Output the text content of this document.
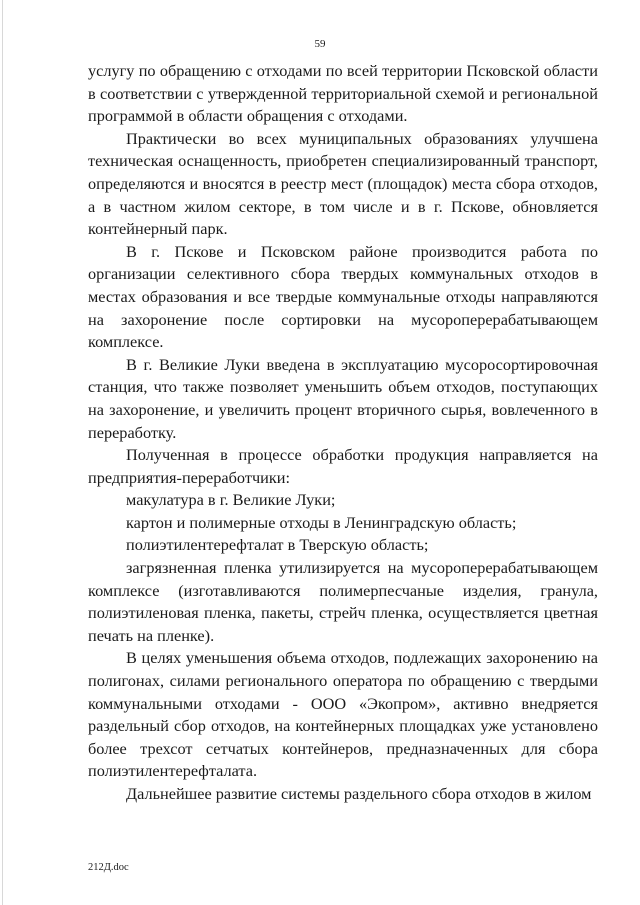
59

услугу по обращению с отходами по всей территории Псковской области в соответствии с утвержденной территориальной схемой и региональной программой в области обращения с отходами.

Практически во всех муниципальных образованиях улучшена техническая оснащенность, приобретен специализированный транспорт, определяются и вносятся в реестр мест (площадок) места сбора отходов, а в частном жилом секторе, в том числе и в г. Пскове, обновляется контейнерный парк.

В г. Пскове и Псковском районе производится работа по организации селективного сбора твердых коммунальных отходов в местах образования и все твердые коммунальные отходы направляются на захоронение после сортировки на мусороперерабатывающем комплексе.

В г. Великие Луки введена в эксплуатацию мусоросортировочная станция, что также позволяет уменьшить объем отходов, поступающих на захоронение, и увеличить процент вторичного сырья, вовлеченного в переработку.

Полученная в процессе обработки продукция направляется на предприятия-переработчики:

макулатура в г. Великие Луки;

картон и полимерные отходы в Ленинградскую область;

полиэтилентерефталат в Тверскую область;

загрязненная пленка утилизируется на мусороперерабатывающем комплексе (изготавливаются полимерпесчаные изделия, гранула, полиэтиленовая пленка, пакеты, стрейч пленка, осуществляется цветная печать на пленке).

В целях уменьшения объема отходов, подлежащих захоронению на полигонах, силами регионального оператора по обращению с твердыми коммунальными отходами - ООО «Экопром», активно внедряется раздельный сбор отходов, на контейнерных площадках уже установлено более трехсот сетчатых контейнеров, предназначенных для сбора полиэтилентерефталата.

Дальнейшее развитие системы раздельного сбора отходов в жилом

212Д.doc
